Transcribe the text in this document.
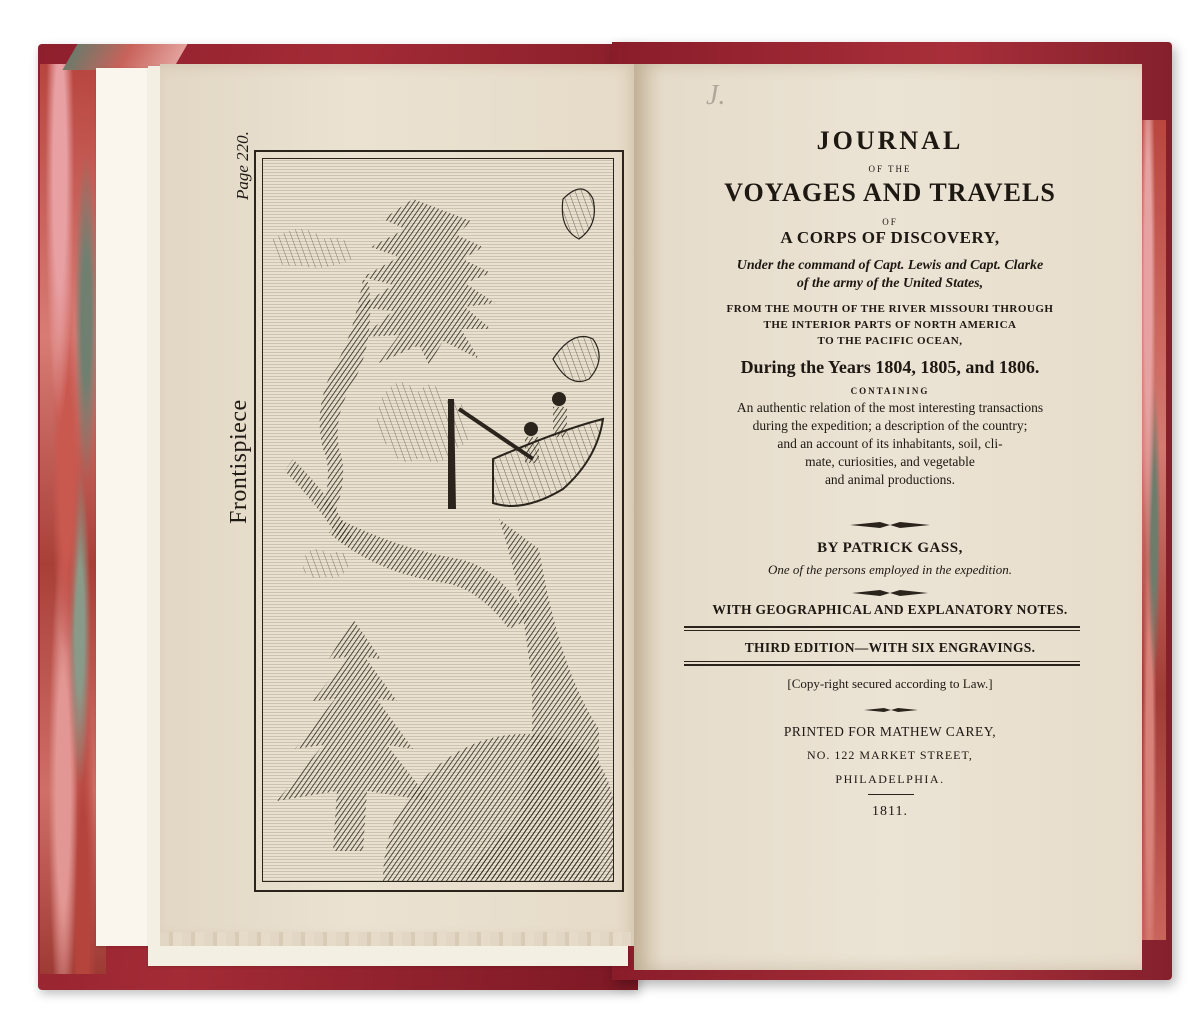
Frontispiece
Page 220.
J.
JOURNAL
OF THE
VOYAGES AND TRAVELS
OF
A CORPS OF DISCOVERY,
Under the command of Capt. Lewis and Capt. Clarke
of the army of the United States,
FROM THE MOUTH OF THE RIVER MISSOURI THROUGH
THE INTERIOR PARTS OF NORTH AMERICA
TO THE PACIFIC OCEAN,
During the Years 1804, 1805, and 1806.
CONTAINING
An authentic relation of the most interesting transactions
during the expedition; a description of the country;
and an account of its inhabitants, soil, cli-
mate, curiosities, and vegetable
and animal productions.
BY PATRICK GASS,
One of the persons employed in the expedition.
WITH GEOGRAPHICAL AND EXPLANATORY NOTES.
THIRD EDITION—WITH SIX ENGRAVINGS.
[Copy-right secured according to Law.]
PRINTED FOR MATHEW CAREY,
NO. 122 MARKET STREET,
PHILADELPHIA.
1811.
